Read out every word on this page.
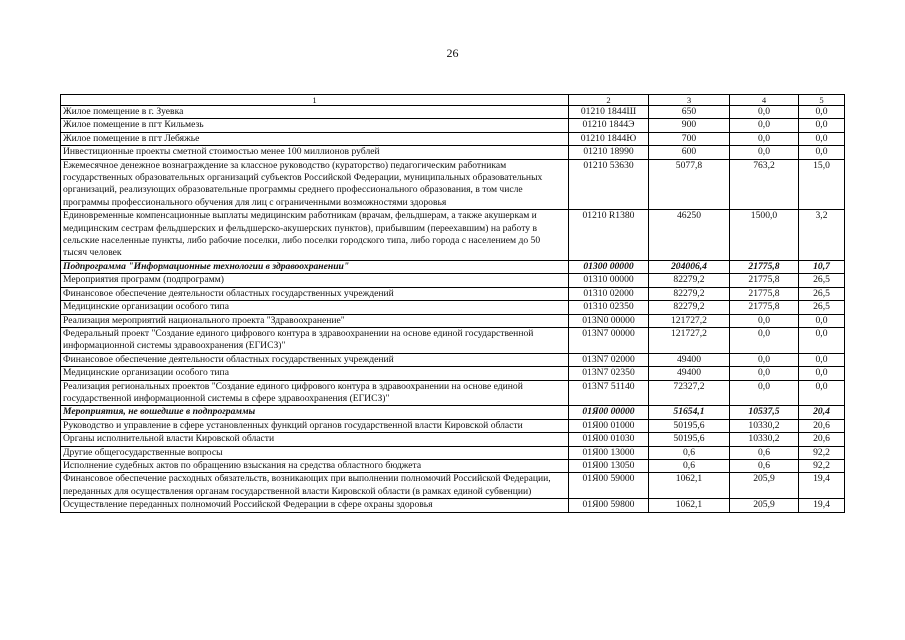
26
1	2	3	4	5
Жилое помещение в г. Зуевка	01210 1844Ш	650	0,0	0,0
Жилое помещение в пгт Кильмезь	01210 1844Э	900	0,0	0,0
Жилое помещение в пгт Лебяжье	01210 1844Ю	700	0,0	0,0
Инвестиционные проекты сметной стоимостью менее 100 миллионов рублей	01210 18990	600	0,0	0,0
Ежемесячное денежное вознаграждение за классное руководство (кураторство) педагогическим работникам государственных образовательных организаций субъектов Российской Федерации, муниципальных образовательных организаций, реализующих образовательные программы среднего профессионального образования, в том числе программы профессионального обучения для лиц с ограниченными возможностями здоровья	01210 53630	5077,8	763,2	15,0
Единовременные компенсационные выплаты медицинским работникам (врачам, фельдшерам, а также акушеркам и медицинским сестрам фельдшерских и фельдшерско-акушерских пунктов), прибывшим (переехавшим) на работу в сельские населенные пункты, либо рабочие поселки, либо поселки городского типа, либо города с населением до 50 тысяч человек	01210 R1380	46250	1500,0	3,2
Подпрограмма "Информационные технологии в здравоохранении"	01300 00000	204006,4	21775,8	10,7
Мероприятия программ (подпрограмм)	01310 00000	82279,2	21775,8	26,5
Финансовое обеспечение деятельности областных государственных учреждений	01310 02000	82279,2	21775,8	26,5
Медицинские организации особого типа	01310 02350	82279,2	21775,8	26,5
Реализация мероприятий национального проекта "Здравоохранение"	013N0 00000	121727,2	0,0	0,0
Федеральный проект "Создание единого цифрового контура в здравоохранении на основе единой государственной информационной системы здравоохранения (ЕГИСЗ)"	013N7 00000	121727,2	0,0	0,0
Финансовое обеспечение деятельности областных государственных учреждений	013N7 02000	49400	0,0	0,0
Медицинские организации особого типа	013N7 02350	49400	0,0	0,0
Реализация региональных проектов "Создание единого цифрового контура в здравоохранении на основе единой государственной информационной системы в сфере здравоохранения (ЕГИСЗ)"	013N7 51140	72327,2	0,0	0,0
Мероприятия, не вошедшие в подпрограммы	01Я00 00000	51654,1	10537,5	20,4
Руководство и управление в сфере установленных функций органов государственной власти Кировской области	01Я00 01000	50195,6	10330,2	20,6
Органы исполнительной власти Кировской области	01Я00 01030	50195,6	10330,2	20,6
Другие общегосударственные вопросы	01Я00 13000	0,6	0,6	92,2
Исполнение судебных актов по обращению взыскания на средства областного бюджета	01Я00 13050	0,6	0,6	92,2
Финансовое обеспечение расходных обязательств, возникающих при выполнении полномочий Российской Федерации, переданных для осуществления органам государственной власти Кировской области (в рамках единой субвенции)	01Я00 59000	1062,1	205,9	19,4
Осуществление переданных полномочий Российской Федерации в сфере охраны здоровья	01Я00 59800	1062,1	205,9	19,4
